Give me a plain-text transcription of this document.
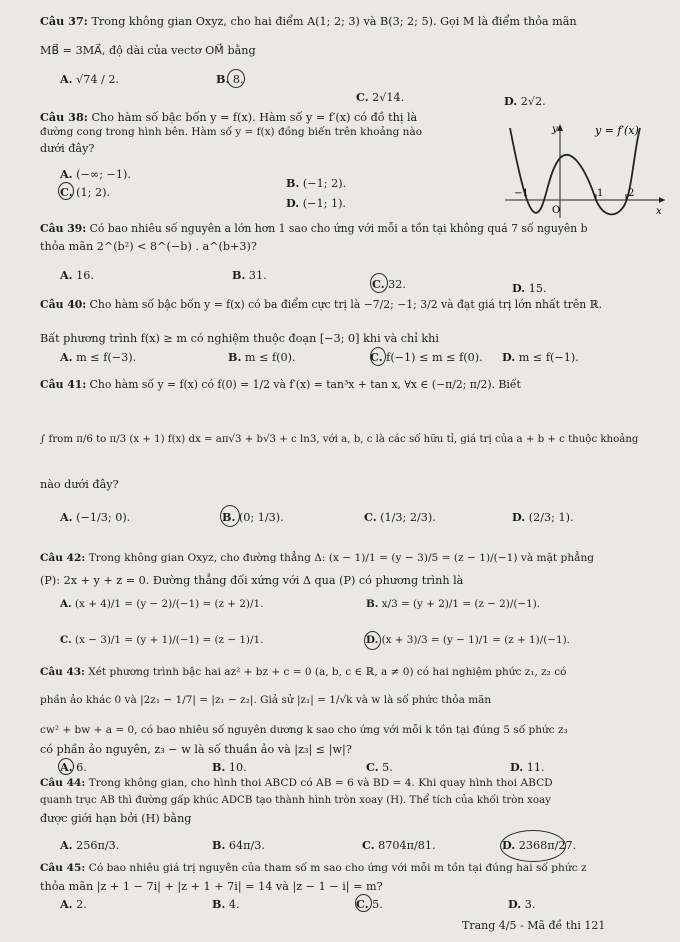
Câu 37: Trong không gian Oxyz, cho hai điểm A(1; 2; 3) và B(3; 2; 5). Gọi M là điểm thỏa mãn
MB⃗ = 3MA⃗, độ dài của vectơ OM⃗ bằng
A. √74 / 2.	B. 8.
C. 2√14.	D. 2√2.
Câu 38: Cho hàm số bậc bốn y = f(x). Hàm số y = f′(x) có đồ thị là
đường cong trong hình bên. Hàm số y = f(x) đồng biến trên khoảng nào
dưới đây?
A. (−∞; −1).
B. (−1; 2).
C. (1; 2).
D. (−1; 1).
y = f′(x)
y
x
O
−1	1 2
Câu 39: Có bao nhiêu số nguyên a lớn hơn 1 sao cho ứng với mỗi a tồn tại không quá 7 số nguyên b
thỏa mãn 2^(b²) < 8^(−b) . a^(b+3)?
A. 16.	B. 31.
C. 32.	D. 15.
Câu 40: Cho hàm số bậc bốn y = f(x) có ba điểm cực trị là −7/2; −1; 3/2 và đạt giá trị lớn nhất trên ℝ.
Bất phương trình f(x) ≥ m có nghiệm thuộc đoạn [−3; 0] khi và chỉ khi
A. m ≤ f(−3).	B. m ≤ f(0).	C. f(−1) ≤ m ≤ f(0). D. m ≤ f(−1).
Câu 41: Cho hàm số y = f(x) có f(0) = 1/2 và f′(x) = tan³x + tan x, ∀x ∈ (−π/2; π/2). Biết
∫ from π/6 to π/3 (x + 1) f(x) dx = aπ√3 + b√3 + c ln3, với a, b, c là các số hữu tỉ, giá trị của a + b + c thuộc khoảng
nào dưới đây?
A. (−1/3; 0).	B. (0; 1/3).	C. (1/3; 2/3).	D. (2/3; 1).
Câu 42: Trong không gian Oxyz, cho đường thẳng Δ: (x − 1)/1 = (y − 3)/5 = (z − 1)/(−1) và mặt phẳng
(P): 2x + y + z = 0. Đường thẳng đối xứng với Δ qua (P) có phương trình là
A. (x + 4)/1 = (y − 2)/(−1) = (z + 2)/1.	B. x/3 = (y + 2)/1 = (z − 2)/(−1).
C. (x − 3)/1 = (y + 1)/(−1) = (z − 1)/1.	D. (x + 3)/3 = (y − 1)/1 = (z + 1)/(−1).
Câu 43: Xét phương trình bậc hai az² + bz + c = 0 (a, b, c ∈ ℝ, a ≠ 0) có hai nghiệm phức z₁, z₂ có
phần ảo khác 0 và |2z₁ − 1/7| = |z₁ − z₂|. Giả sử |z₁| = 1/√k và w là số phức thỏa mãn
cw² + bw + a = 0, có bao nhiêu số nguyên dương k sao cho ứng với mỗi k tồn tại đúng 5 số phức z₃
có phần ảo nguyên, z₃ − w là số thuần ảo và |z₃| ≤ |w|?
A. 6.	B. 10.	C. 5.	D. 11.
Câu 44: Trong không gian, cho hình thoi ABCD có AB = 6 và BD = 4. Khi quay hình thoi ABCD
quanh trục AB thì đường gấp khúc ADCB tạo thành hình tròn xoay (H). Thể tích của khối tròn xoay
được giới hạn bởi (H) bằng
A. 256π/3.	B. 64π/3.	C. 8704π/81.	D. 2368π/27.
Câu 45: Có bao nhiêu giá trị nguyên của tham số m sao cho ứng với mỗi m tồn tại đúng hai số phức z
thỏa mãn |z + 1 − 7i| + |z + 1 + 7i| = 14 và |z − 1 − i| = m?
A. 2.	B. 4.	C. 5.	D. 3.
Trang 4/5 - Mã đề thi 121
